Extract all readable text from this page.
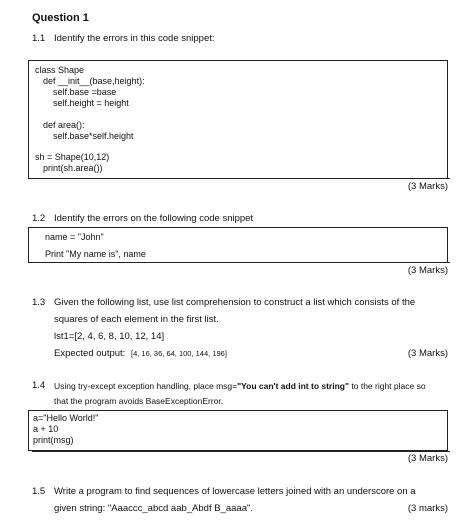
Question 1
1.1 Identify the errors in this code snippet:
class Shape
def __init__(base,height):
self.base =base
self.height = height
def area():
self.base*self.height
sh = Shape(10,12)
print(sh.area())
(3 Marks)
1.2 Identify the errors on the following code snippet
name = "John"
Print "My name is", name
(3 Marks)
1.3 Given the following list, use list comprehension to construct a list which consists of the
squares of each element in the first list.
lst1=[2, 4, 6, 8, 10, 12, 14]
Expected output: [4, 16, 36, 64, 100, 144, 196]	(3 Marks)
1.4 Using try-except exception handling, place msg="You can't add int to string" to the right place so
that the program avoids BaseExceptionError.
a="Hello World!"
a + 10
print(msg)
(3 Marks)
1.5 Write a program to find sequences of lowercase letters joined with an underscore on a
given string: "Aaaccc_abcd aab_Abdf B_aaaa".	(3 marks)
